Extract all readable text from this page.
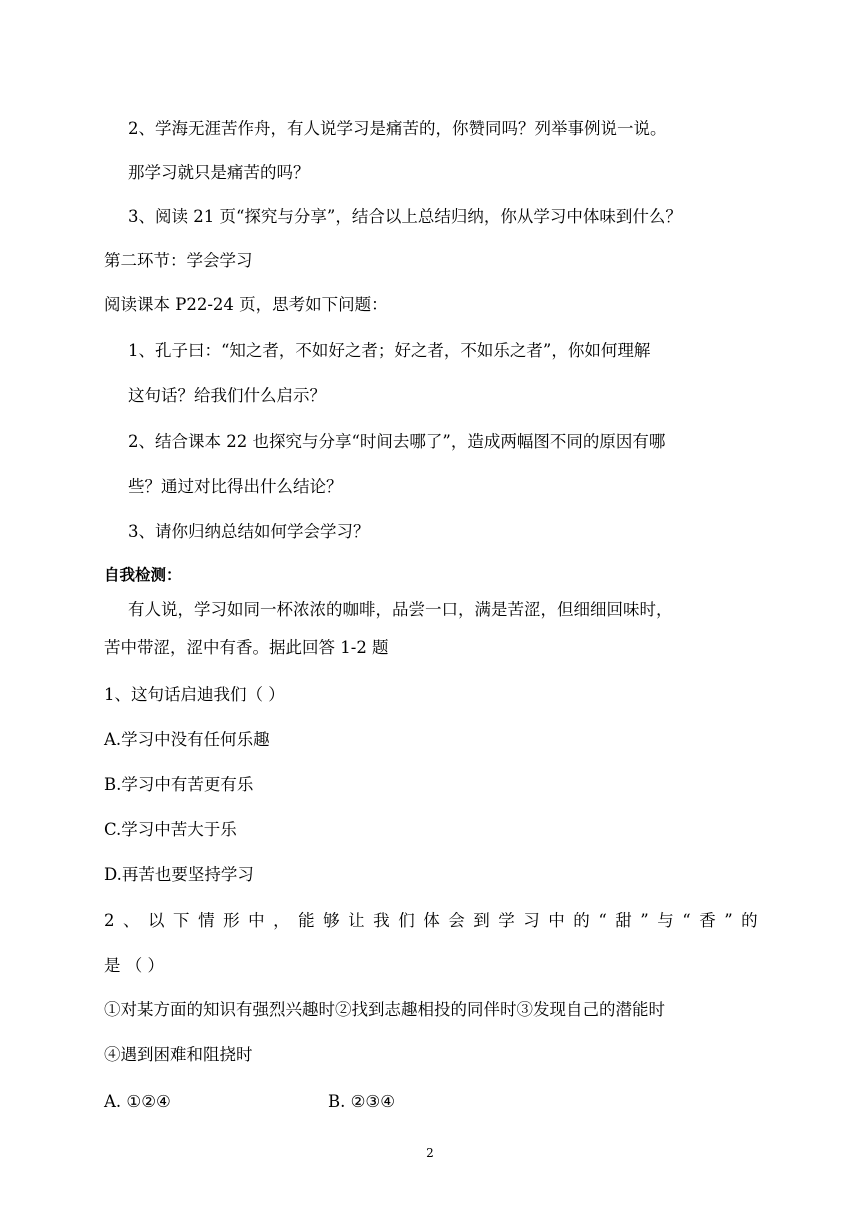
2、学海无涯苦作舟，有人说学习是痛苦的，你赞同吗？列举事例说一说。
那学习就只是痛苦的吗？
3、阅读 21 页“探究与分享”，结合以上总结归纳，你从学习中体味到什么？
第二环节：学会学习
阅读课本 P22-24 页，思考如下问题：
1、孔子曰：“知之者，不如好之者；好之者，不如乐之者”，你如何理解
这句话？给我们什么启示？
2、结合课本 22 也探究与分享“时间去哪了”，造成两幅图不同的原因有哪
些？通过对比得出什么结论？
3、请你归纳总结如何学会学习？
自我检测：
有人说，学习如同一杯浓浓的咖啡，品尝一口，满是苦涩，但细细回味时，
苦中带涩，涩中有香。据此回答 1-2 题
1、这句话启迪我们（ ）
A.学习中没有任何乐趣
B.学习中有苦更有乐
C.学习中苦大于乐
D.再苦也要坚持学习
2 、 以 下 情 形 中 ， 能 够 让 我 们 体 会 到 学 习 中 的 “ 甜 ” 与 “ 香 ” 的
是 （ ）
①对某方面的知识有强烈兴趣时②找到志趣相投的同伴时③发现自己的潜能时
④遇到困难和阻挠时
A. ①②④	B. ②③④
2
